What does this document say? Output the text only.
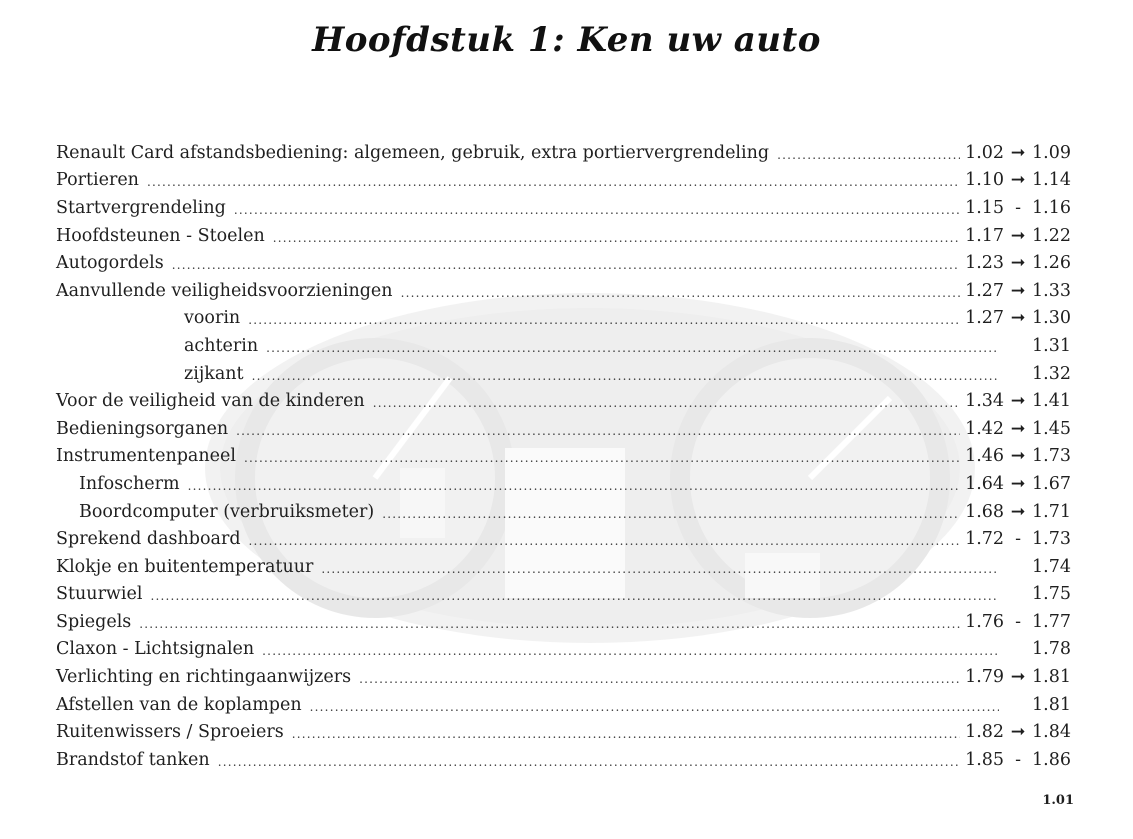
Hoofdstuk 1: Ken uw auto
Renault Card afstandsbediening: algemeen, gebruik, extra portiervergrendeling .....	1.02 ➞ 1.09
Portieren .....	1.10 ➞ 1.14
Startvergrendeling .....	1.15 - 1.16
Hoofdsteunen - Stoelen .....	1.17 ➞ 1.22
Autogordels .....	1.23 ➞ 1.26
Aanvullende veiligheidsvoorzieningen .....	1.27 ➞ 1.33
voorin .....	1.27 ➞ 1.30
achterin .....	1.31
zijkant .....	1.32
Voor de veiligheid van de kinderen .....	1.34 ➞ 1.41
Bedieningsorganen .....	1.42 ➞ 1.45
Instrumentenpaneel .....	1.46 ➞ 1.73
Infoscherm .....	1.64 ➞ 1.67
Boordcomputer (verbruiksmeter) .....	1.68 ➞ 1.71
Sprekend dashboard .....	1.72 - 1.73
Klokje en buitentemperatuur .....	1.74
Stuurwiel .....	1.75
Spiegels .....	1.76 - 1.77
Claxon - Lichtsignalen .....	1.78
Verlichting en richtingaanwijzers .....	1.79 ➞ 1.81
Afstellen van de koplampen .....	1.81
Ruitenwissers / Sproeiers .....	1.82 ➞ 1.84
Brandstof tanken .....	1.85 - 1.86
1.01
